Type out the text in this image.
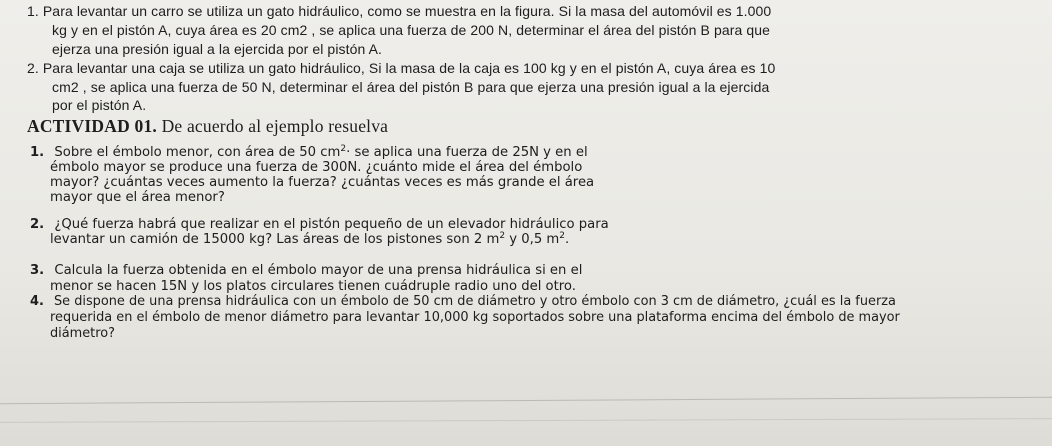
1. Para levantar un carro se utiliza un gato hidráulico, como se muestra en la figura. Si la masa del automóvil es 1.000
kg y en el pistón A, cuya área es 20 cm2 , se aplica una fuerza de 200 N, determinar el área del pistón B para que
ejerza una presión igual a la ejercida por el pistón A.
2. Para levantar una caja se utiliza un gato hidráulico, Si la masa de la caja es 100 kg y en el pistón A, cuya área es 10
cm2 , se aplica una fuerza de 50 N, determinar el área del pistón B para que ejerza una presión igual a la ejercida
por el pistón A.
ACTIVIDAD 01. De acuerdo al ejemplo resuelva
1. Sobre el émbolo menor, con área de 50 $cm^2\cdot$ se aplica una fuerza de 25N y en el
émbolo mayor se produce una fuerza de 300N. ¿cuánto mide el área del émbolo
mayor? ¿cuántas veces aumento la fuerza? ¿cuántas veces es más grande el área
mayor que el área menor?
2. ¿Qué fuerza habrá que realizar en el pistón pequeño de un elevador hidráulico para
levantar un camión de 15000 kg? Las áreas de los pistones son 2 $m^2$ y 0,5 $m^2$.
3. Calcula la fuerza obtenida en el émbolo mayor de una prensa hidráulica si en el
menor se hacen 15N y los platos circulares tienen cuádruple radio uno del otro.
4. Se dispone de una prensa hidráulica con un émbolo de 50 cm de diámetro y otro émbolo con 3 cm de diámetro, ¿cuál es la fuerza
requerida en el émbolo de menor diámetro para levantar 10,000 kg soportados sobre una plataforma encima del émbolo de mayor
diámetro?
